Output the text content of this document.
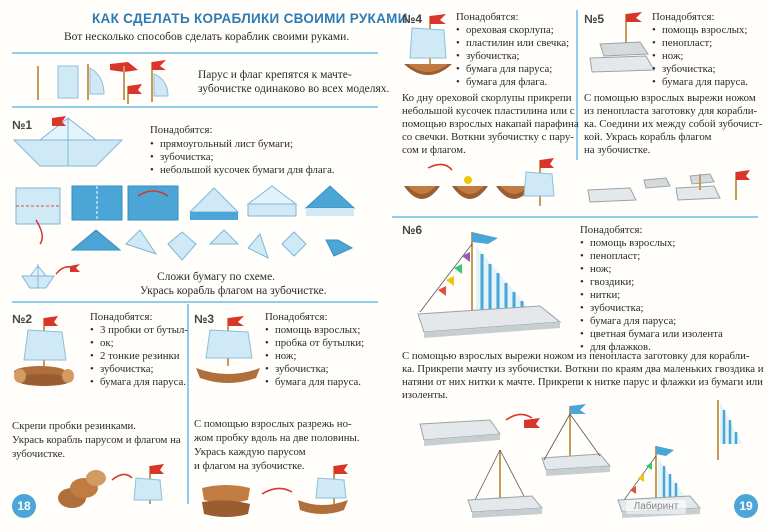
КАК СДЕЛАТЬ КОРАБЛИКИ СВОИМИ РУКАМИ
Вот несколько способов сделать кораблик своими руками.
Парус и флаг крепятся к мачте-
зубочистке одинаково во всех моделях.
№1	Понадобятся:
• прямоугольный лист бумаги;
• зубочистка;
• небольшой кусочек бумаги для флага.
Сложи бумагу по схеме.
Укрась корабль флагом на зубочистке.
№2	Понадобятся:
• 3 пробки от бутыл-
• ок;
• 2 тонкие резинки
• зубочистка;
• бумага для паруса.
Скрепи пробки резинками.
Укрась корабль парусом и флагом на
зубочистке.
18
№3	Понадобятся:
• помощь взрослых;
• пробка от бутылки;
• нож;
• зубочистка;
• бумага для паруса.
С помощью взрослых разрежь но-
жом пробку вдоль на две половины.
Укрась каждую парусом
и флагом на зубочистке.
№4	Понадобятся:
• ореховая скорлупа;
• пластилин или свечка;
• зубочистка;
• бумага для паруса;
• бумага для флага.
Ко дну ореховой скорлупы прикрепи
небольшой кусочек пластилина или с
помощью взрослых накапай парафина
со свечки. Воткни зубочистку с пару-
сом и флагом.
№5	Понадобятся:
• помощь взрослых;
• пенопласт;
• нож;
• зубочистка;
• бумага для паруса.
С помощью взрослых вырежи ножом
из пенопласта заготовку для корабли-
ка. Соедини их между собой зубочист-
кой. Укрась корабль флагом
на зубочистке.
№6	Понадобятся:
• помощь взрослых;
• пенопласт;
• нож;
• гвоздики;
• нитки;
• зубочистка;
• бумага для паруса;
• цветная бумага или изолента
• для флажков.
С помощью взрослых вырежи ножом из пенопласта заготовку для корабли-
ка. Прикрепи мачту из зубочистки. Воткни по краям два маленьких гвоздика и
натяни от них нитки к мачте. Прикрепи к нитке парус и флажки из бумаги или
изоленты.
Лабиринт	19
